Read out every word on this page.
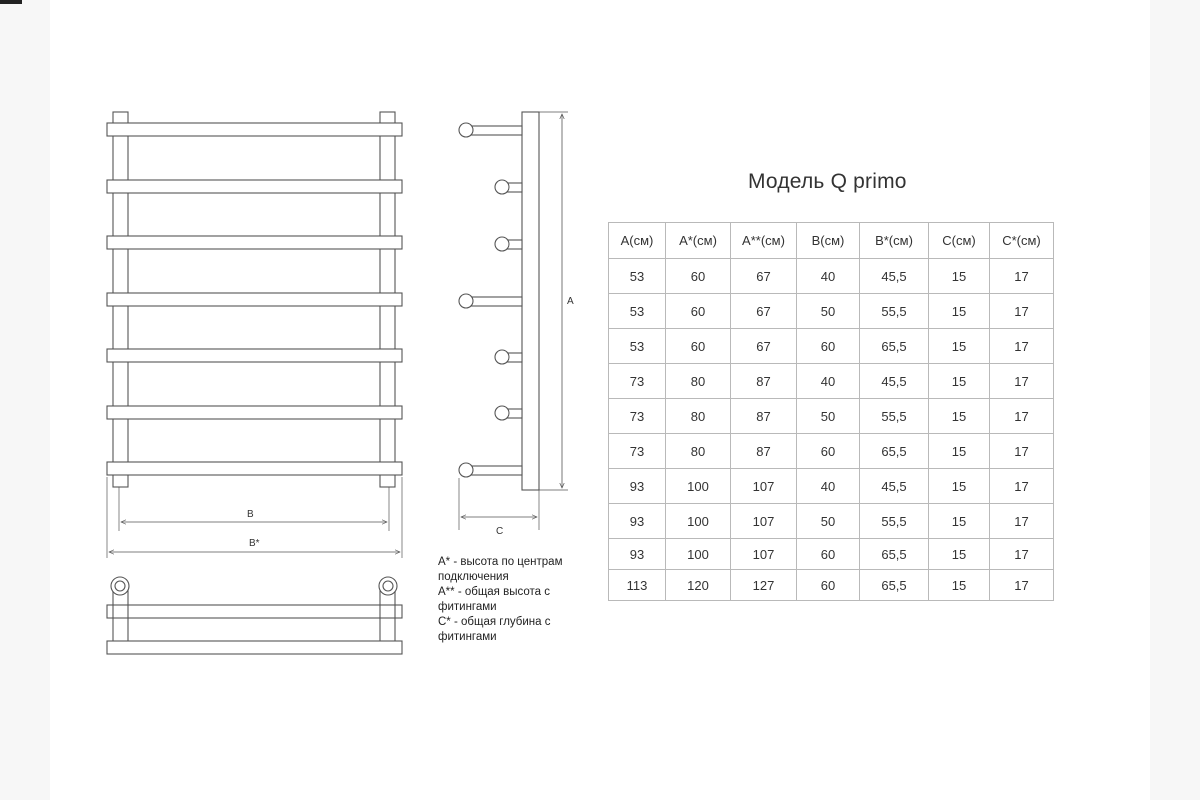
B
B*
A
C
A* - высота по центрам подключения
A** - общая высота с фитингами
C* - общая глубина с фитингами
Модель Q primo
A(см)	A*(см)	A**(см)	B(см)	B*(см)	C(см)	C*(см)
53	60	67	40	45,5	15	17
53	60	67	50	55,5	15	17
53	60	67	60	65,5	15	17
73	80	87	40	45,5	15	17
73	80	87	50	55,5	15	17
73	80	87	60	65,5	15	17
93	100	107	40	45,5	15	17
93	100	107	50	55,5	15	17
93	100	107	60	65,5	15	17
113	120	127	60	65,5	15	17
